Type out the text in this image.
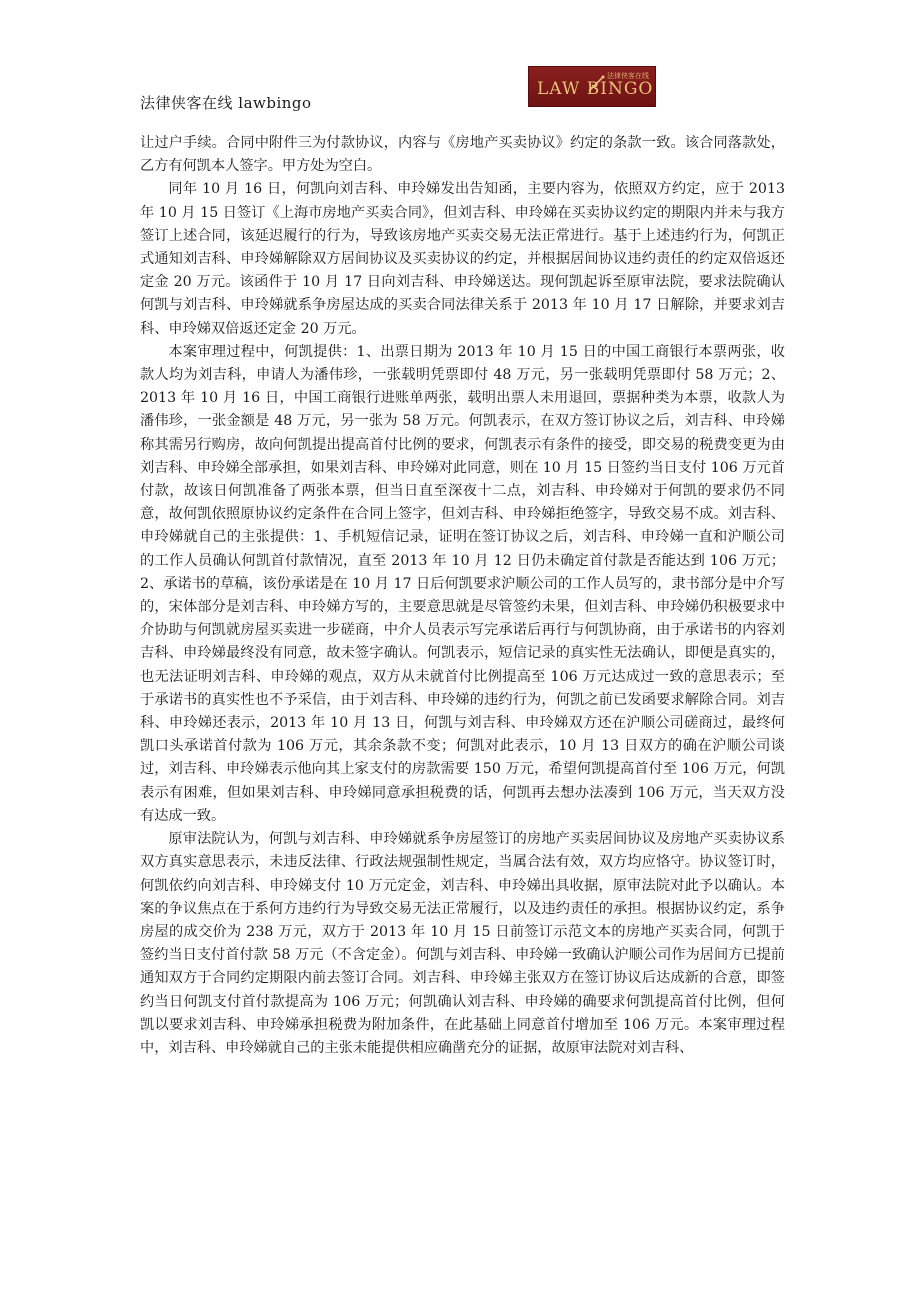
法律侠客在线 lawbingo
法律侠客在线
LAW BINGO

让过户手续。合同中附件三为付款协议，内容与《房地产买卖协议》约定的条款一致。该合同落款处，乙方有何凯本人签字。甲方处为空白。

同年 10 月 16 日，何凯向刘吉科、申玲娣发出告知函，主要内容为，依照双方约定，应于 2013 年 10 月 15 日签订《上海市房地产买卖合同》，但刘吉科、申玲娣在买卖协议约定的期限内并未与我方签订上述合同，该延迟履行的行为，导致该房地产买卖交易无法正常进行。基于上述违约行为，何凯正式通知刘吉科、申玲娣解除双方居间协议及买卖协议的约定，并根据居间协议违约责任的约定双倍返还定金 20 万元。该函件于 10 月 17 日向刘吉科、申玲娣送达。现何凯起诉至原审法院，要求法院确认何凯与刘吉科、申玲娣就系争房屋达成的买卖合同法律关系于 2013 年 10 月 17 日解除，并要求刘吉科、申玲娣双倍返还定金 20 万元。

本案审理过程中，何凯提供：1、出票日期为 2013 年 10 月 15 日的中国工商银行本票两张，收款人均为刘吉科，申请人为潘伟珍，一张载明凭票即付 48 万元，另一张载明凭票即付 58 万元；2、2013 年 10 月 16 日，中国工商银行进账单两张，载明出票人未用退回，票据种类为本票，收款人为潘伟珍，一张金额是 48 万元，另一张为 58 万元。何凯表示，在双方签订协议之后，刘吉科、申玲娣称其需另行购房，故向何凯提出提高首付比例的要求，何凯表示有条件的接受，即交易的税费变更为由刘吉科、申玲娣全部承担，如果刘吉科、申玲娣对此同意，则在 10 月 15 日签约当日支付 106 万元首付款，故该日何凯准备了两张本票，但当日直至深夜十二点，刘吉科、申玲娣对于何凯的要求仍不同意，故何凯依照原协议约定条件在合同上签字，但刘吉科、申玲娣拒绝签字，导致交易不成。刘吉科、申玲娣就自己的主张提供：1、手机短信记录，证明在签订协议之后，刘吉科、申玲娣一直和沪顺公司的工作人员确认何凯首付款情况，直至 2013 年 10 月 12 日仍未确定首付款是否能达到 106 万元；2、承诺书的草稿，该份承诺是在 10 月 17 日后何凯要求沪顺公司的工作人员写的，隶书部分是中介写的，宋体部分是刘吉科、申玲娣方写的，主要意思就是尽管签约未果，但刘吉科、申玲娣仍积极要求中介协助与何凯就房屋买卖进一步磋商，中介人员表示写完承诺后再行与何凯协商，由于承诺书的内容刘吉科、申玲娣最终没有同意，故未签字确认。何凯表示，短信记录的真实性无法确认，即便是真实的，也无法证明刘吉科、申玲娣的观点，双方从未就首付比例提高至 106 万元达成过一致的意思表示；至于承诺书的真实性也不予采信，由于刘吉科、申玲娣的违约行为，何凯之前已发函要求解除合同。刘吉科、申玲娣还表示，2013 年 10 月 13 日，何凯与刘吉科、申玲娣双方还在沪顺公司磋商过，最终何凯口头承诺首付款为 106 万元，其余条款不变；何凯对此表示，10 月 13 日双方的确在沪顺公司谈过，刘吉科、申玲娣表示他向其上家支付的房款需要 150 万元，希望何凯提高首付至 106 万元，何凯表示有困难，但如果刘吉科、申玲娣同意承担税费的话，何凯再去想办法凑到 106 万元，当天双方没有达成一致。

原审法院认为，何凯与刘吉科、申玲娣就系争房屋签订的房地产买卖居间协议及房地产买卖协议系双方真实意思表示，未违反法律、行政法规强制性规定，当属合法有效，双方均应恪守。协议签订时，何凯依约向刘吉科、申玲娣支付 10 万元定金，刘吉科、申玲娣出具收据，原审法院对此予以确认。本案的争议焦点在于系何方违约行为导致交易无法正常履行，以及违约责任的承担。根据协议约定，系争房屋的成交价为 238 万元，双方于 2013 年 10 月 15 日前签订示范文本的房地产买卖合同，何凯于签约当日支付首付款 58 万元（不含定金）。何凯与刘吉科、申玲娣一致确认沪顺公司作为居间方已提前通知双方于合同约定期限内前去签订合同。刘吉科、申玲娣主张双方在签订协议后达成新的合意，即签约当日何凯支付首付款提高为 106 万元；何凯确认刘吉科、申玲娣的确要求何凯提高首付比例，但何凯以要求刘吉科、申玲娣承担税费为附加条件，在此基础上同意首付增加至 106 万元。本案审理过程中，刘吉科、申玲娣就自己的主张未能提供相应确凿充分的证据，故原审法院对刘吉科、
